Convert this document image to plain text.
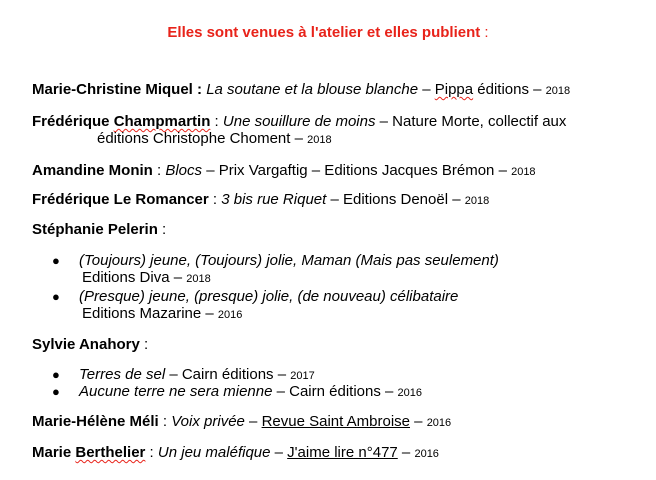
Elles sont venues à l'atelier et elles publient :
Marie-Christine Miquel : La soutane et la blouse blanche – Pippa éditions – 2018
Frédérique Champmartin : Une souillure de moins – Nature Morte, collectif aux
éditions Christophe Choment – 2018
Amandine Monin : Blocs – Prix Vargaftig – Editions Jacques Brémon – 2018
Frédérique Le Romancer : 3 bis rue Riquet – Editions Denoël – 2018
Stéphanie Pelerin :
● (Toujours) jeune, (Toujours) jolie, Maman (Mais pas seulement)
Editions Diva – 2018
● (Presque) jeune, (presque) jolie, (de nouveau) célibataire
Editions Mazarine – 2016
Sylvie Anahory :
● Terres de sel – Cairn éditions – 2017
● Aucune terre ne sera mienne – Cairn éditions – 2016
Marie-Hélène Méli : Voix privée – Revue Saint Ambroise – 2016
Marie Berthelier : Un jeu maléfique – J'aime lire n°477 – 2016
